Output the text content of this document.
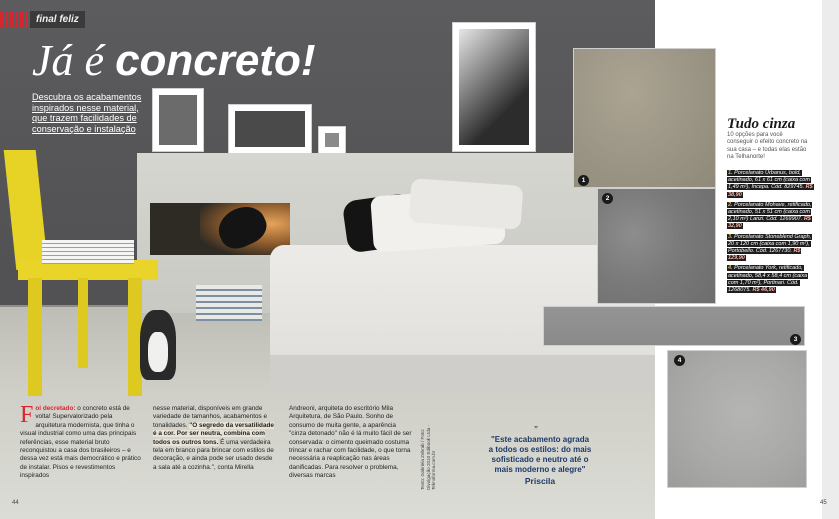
final feliz
Já é concreto!
Descubra os acabamentos inspirados nesse material, que trazem facilidades de conservação e instalação
Foi decretado: o concreto está de volta! Supervalorizado pela arquitetura modernista, que tinha o visual industrial como uma das principais referências, esse material bruto reconquistou a casa dos brasileiros – e dessa vez está mais democrático e prático de instalar. Pisos e revestimentos inspirados
nesse material, disponíveis em grande variedade de tamanhos, acabamentos e tonalidades. "O segredo da versatilidade é a cor. Por ser neutra, combina com todos os outros tons. É uma verdadeira tela em branco para brincar com estilos de decoração, e ainda pode ser usado desde a sala até a cozinha.", conta Mirella
Andreoni, arquiteta do escritório Mila Arquitetura, de São Paulo. Sonho de consumo de muita gente, a aparência "cinza detonado" não é lá muito fácil de ser conservada: o cimento queimado costuma trincar e rachar com facilidade, o que torna necessária a reaplicação nas áreas danificadas. Para resolver o problema, diversas marcas	Texto: Gabriela Zebrab / Foto: Divulgação 2010 Edibook Ltda · Teknoforma.com.br
”
"Este acabamento agrada a todos os estilos: do mais sofisticado e neutro até o mais moderno e alegre"
Priscila
1
2
3
4
Tudo cinza
10 opções para você conseguir o efeito concreto na sua casa – e todas elas estão na Telhanorte!
1. Porcelanato Urbanus, bold, acetinado, 61 x 61 cm (caixa com 1,49 m²), Incepa. Cód. 829745. R$ 38,90
2. Porcelanato Mohave, retificado, acetinado, 51 x 51 cm (caixa com 2,10 m²) Lanzi. Cód. 1269907. R$ 32,90
3. Porcelanato Stoneblend Graph, 20 x 120 cm (caixa com 1,90 m²), Portobello. Cód. 1267730. R$ 129,90
4. Porcelanato York, retificado, acetinado, 58,4 x 58,4 cm (caixa com 1,70 m²), Portinari. Cód. 1268075. R$ 46,90
44	45
